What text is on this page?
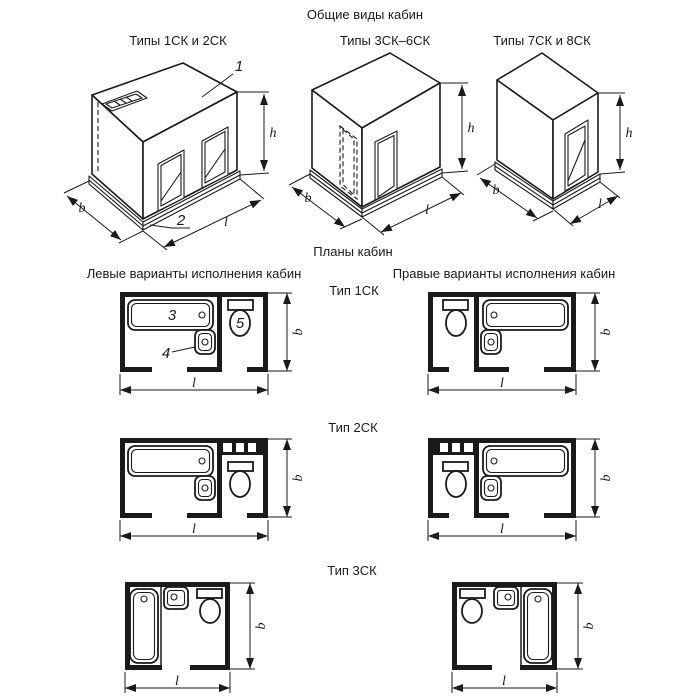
Общие виды кабин
Типы 1СК и 2СК	Типы 3СК–6СК	Типы 7СК и 8СК
Планы кабин
Левые варианты исполнения кабин	Правые варианты исполнения кабин
Тип 1СК
Тип 2СК
Тип 3СК
1
2
h
b
l
h
b
l
h
b
l
3
4
5	b
l
b
l
b
l
b
l
b
l
b
l
